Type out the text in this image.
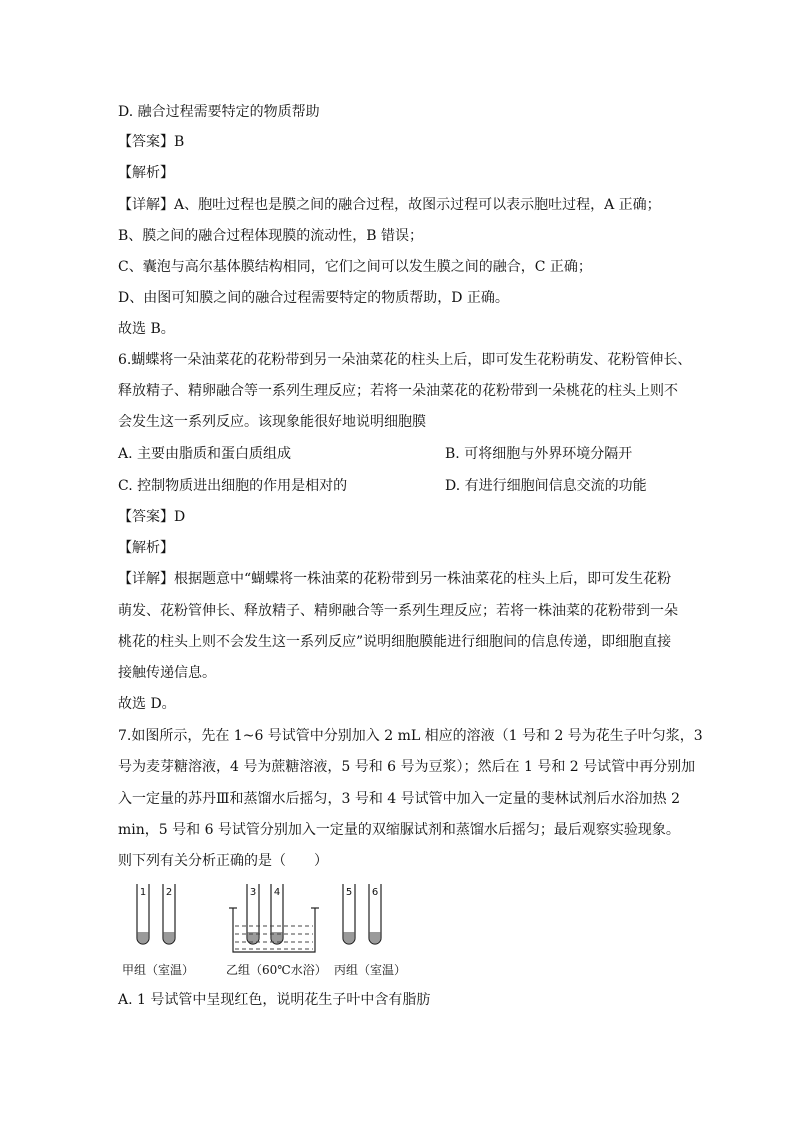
D. 融合过程需要特定的物质帮助
【答案】B
【解析】
【详解】A、胞吐过程也是膜之间的融合过程，故图示过程可以表示胞吐过程，A 正确；
B、膜之间的融合过程体现膜的流动性，B 错误；
C、囊泡与高尔基体膜结构相同，它们之间可以发生膜之间的融合，C 正确；
D、由图可知膜之间的融合过程需要特定的物质帮助，D 正确。
故选 B。
6.蝴蝶将一朵油菜花的花粉带到另一朵油菜花的柱头上后，即可发生花粉萌发、花粉管伸长、
释放精子、精卵融合等一系列生理反应；若将一朵油菜花的花粉带到一朵桃花的柱头上则不
会发生这一系列反应。该现象能很好地说明细胞膜
A. 主要由脂质和蛋白质组成	B. 可将细胞与外界环境分隔开
C. 控制物质进出细胞的作用是相对的	D. 有进行细胞间信息交流的功能
【答案】D
【解析】
【详解】根据题意中“蝴蝶将一株油菜的花粉带到另一株油菜花的柱头上后，即可发生花粉
萌发、花粉管伸长、释放精子、精卵融合等一系列生理反应；若将一株油菜的花粉带到一朵
桃花的柱头上则不会发生这一系列反应”说明细胞膜能进行细胞间的信息传递，即细胞直接
接触传递信息。
故选 D。
7.如图所示，先在 1~6 号试管中分别加入 2 mL 相应的溶液（1 号和 2 号为花生子叶匀浆，3
号为麦芽糖溶液，4 号为蔗糖溶液，5 号和 6 号为豆浆）；然后在 1 号和 2 号试管中再分别加
入一定量的苏丹Ⅲ和蒸馏水后摇匀，3 号和 4 号试管中加入一定量的斐林试剂后水浴加热 2
min，5 号和 6 号试管分别加入一定量的双缩脲试剂和蒸馏水后摇匀；最后观察实验现象。
则下列有关分析正确的是（　　）
1 2	3 4	5 6
甲组（室温）	乙组（60℃水浴） 丙组（室温）
A. 1 号试管中呈现红色，说明花生子叶中含有脂肪
